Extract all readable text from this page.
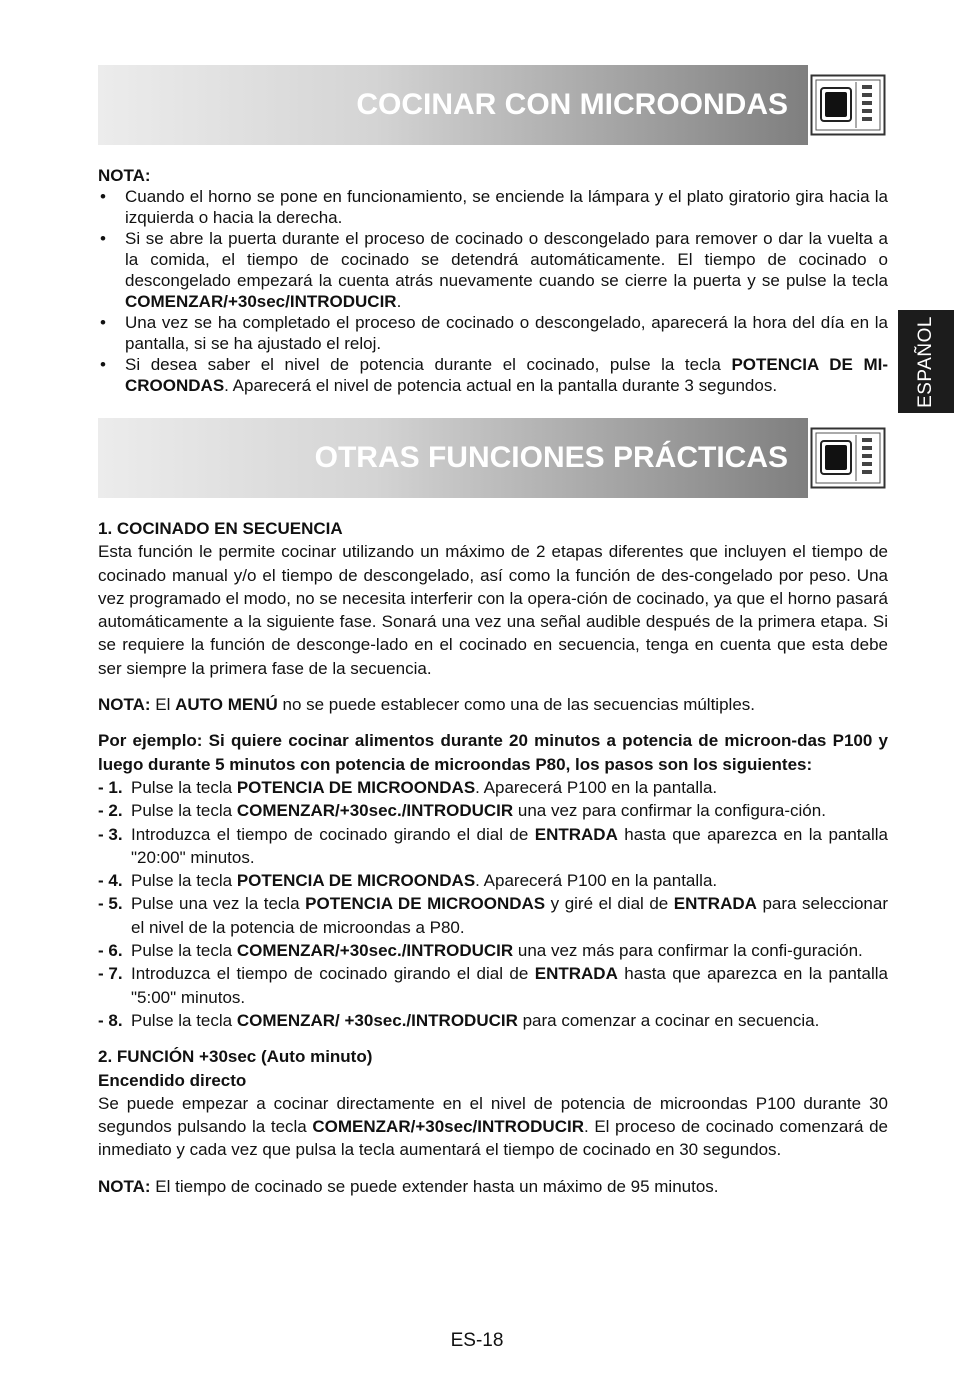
COCINAR CON MICROONDAS

NOTA:

• Cuando el horno se pone en funcionamiento, se enciende la lámpara y el plato giratorio gira hacia la izquierda o hacia la derecha.
• Si se abre la puerta durante el proceso de cocinado o descongelado para remover o dar la vuelta a la comida, el tiempo de cocinado se detendrá automáticamente. El tiempo de cocinado o descongelado empezará la cuenta atrás nuevamente cuando se cierre la puerta y se pulse la tecla COMENZAR/+30sec/INTRODUCIR.
• Una vez se ha completado el proceso de cocinado o descongelado, aparecerá la hora del día en la pantalla, si se ha ajustado el reloj.
• Si desea saber el nivel de potencia durante el cocinado, pulse la tecla POTENCIA DE MI-CROONDAS. Aparecerá el nivel de potencia actual en la pantalla durante 3 segundos.
OTRAS FUNCIONES PRÁCTICAS

1. COCINADO EN SECUENCIA

Esta función le permite cocinar utilizando un máximo de 2 etapas diferentes que incluyen el tiempo de cocinado manual y/o el tiempo de descongelado, así como la función de des-congelado por peso. Una vez programado el modo, no se necesita interferir con la opera-ción de cocinado, ya que el horno pasará automáticamente a la siguiente fase. Sonará una vez una señal audible después de la primera etapa. Si se requiere la función de desconge-lado en el cocinado en secuencia, tenga en cuenta que esta debe ser siempre la primera fase de la secuencia.

NOTA: El AUTO MENÚ no se puede establecer como una de las secuencias múltiples.

Por ejemplo: Si quiere cocinar alimentos durante 20 minutos a potencia de microon-das P100 y luego durante 5 minutos con potencia de microondas P80, los pasos son los siguientes:

- 1. Pulse la tecla POTENCIA DE MICROONDAS. Aparecerá P100 en la pantalla.
- 2. Pulse la tecla COMENZAR/+30sec./INTRODUCIR una vez para confirmar la configura-ción.
- 3. Introduzca el tiempo de cocinado girando el dial de ENTRADA hasta que aparezca en la pantalla "20:00" minutos.
- 4. Pulse la tecla POTENCIA DE MICROONDAS. Aparecerá P100 en la pantalla.
- 5. Pulse una vez la tecla POTENCIA DE MICROONDAS y giré el dial de ENTRADA para seleccionar el nivel de la potencia de microondas a P80.
- 6. Pulse la tecla COMENZAR/+30sec./INTRODUCIR una vez más para confirmar la confi-guración.
- 7. Introduzca el tiempo de cocinado girando el dial de ENTRADA hasta que aparezca en la pantalla "5:00" minutos.
- 8. Pulse la tecla COMENZAR/ +30sec./INTRODUCIR para comenzar a cocinar en secuencia.

2. FUNCIÓN +30sec (Auto minuto)

Encendido directo

Se puede empezar a cocinar directamente en el nivel de potencia de microondas P100 durante 30 segundos pulsando la tecla COMENZAR/+30sec/INTRODUCIR. El proceso de cocinado comenzará de inmediato y cada vez que pulsa la tecla aumentará el tiempo de cocinado en 30 segundos.

NOTA: El tiempo de cocinado se puede extender hasta un máximo de 95 minutos.

ESPAÑOL
ES-18
